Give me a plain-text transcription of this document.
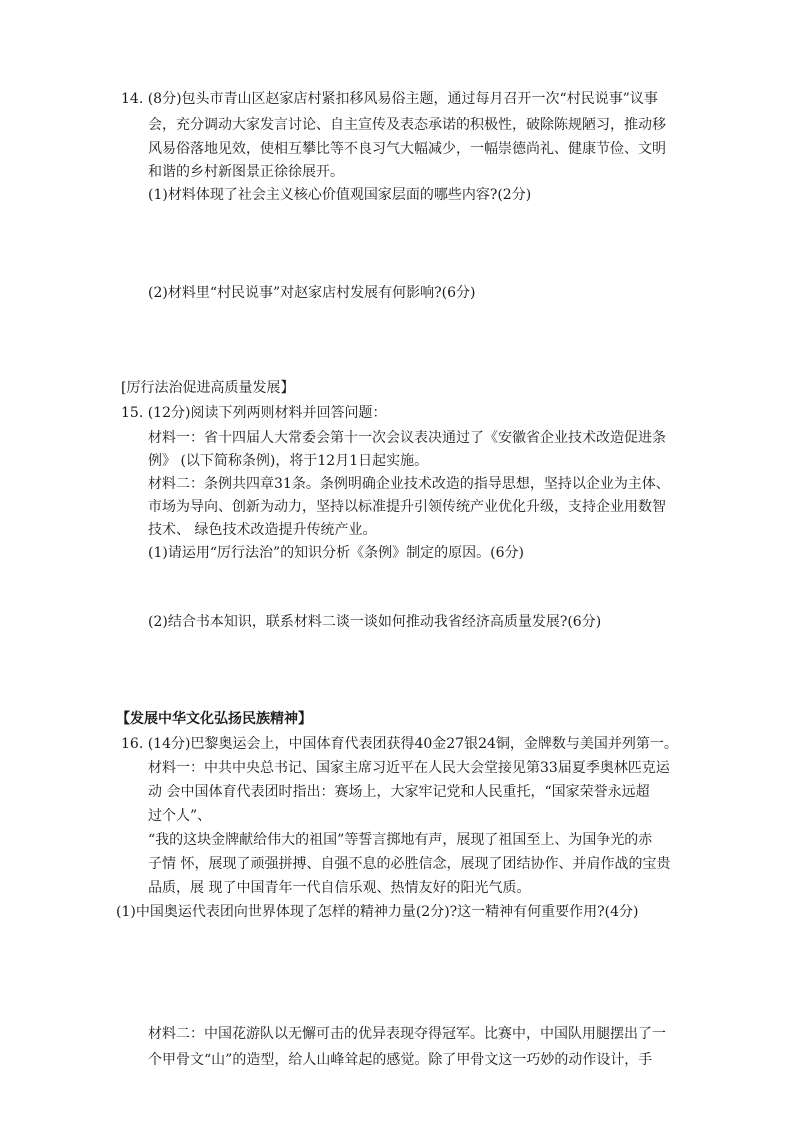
14. (8分)包头市青山区赵家店村紧扣移风易俗主题，通过每月召开一次“村民说事”议事
会，充分调动大家发言讨论、自主宣传及表态承诺的积极性，破除陈规陋习，推动移
风易俗落地见效，使相互攀比等不良习气大幅减少，一幅崇德尚礼、健康节俭、文明
和谐的乡村新图景正徐徐展开。
(1)材料体现了社会主义核心价值观国家层面的哪些内容?(2分)
(2)材料里“村民说事”对赵家店村发展有何影响?(6分)
[厉行法治促进高质量发展】
15. (12分)阅读下列两则材料并回答问题：
材料一：省十四届人大常委会第十一次会议表决通过了《安徽省企业技术改造促进条
例》 (以下简称条例)，将于12月1日起实施。
材料二：条例共四章31条。条例明确企业技术改造的指导思想，坚持以企业为主体、
市场为导向、创新为动力，坚持以标准提升引领传统产业优化升级，支持企业用数智
技术、 绿色技术改造提升传统产业。
(1)请运用“厉行法治”的知识分析《条例》制定的原因。(6分)
(2)结合书本知识，联系材料二谈一谈如何推动我省经济高质量发展?(6分)
【发展中华文化弘扬民族精神】
16. (14分)巴黎奥运会上，中国体育代表团获得40金27银24铜，金牌数与美国并列第一。
材料一：中共中央总书记、国家主席习近平在人民大会堂接见第33届夏季奥林匹克运
动 会中国体育代表团时指出：赛场上，大家牢记党和人民重托，“国家荣誉永远超
过个人”、
“我的这块金牌献给伟大的祖国”等誓言掷地有声，展现了祖国至上、为国争光的赤
子情 怀，展现了顽强拼搏、自强不息的必胜信念，展现了团结协作、并肩作战的宝贵
品质，展 现了中国青年一代自信乐观、热情友好的阳光气质。
(1)中国奥运代表团向世界体现了怎样的精神力量(2分)?这一精神有何重要作用?(4分)
材料二：中国花游队以无懈可击的优异表现夺得冠军。比赛中，中国队用腿摆出了一
个甲骨文“山”的造型，给人山峰耸起的感觉。除了甲骨文这一巧妙的动作设计，手
